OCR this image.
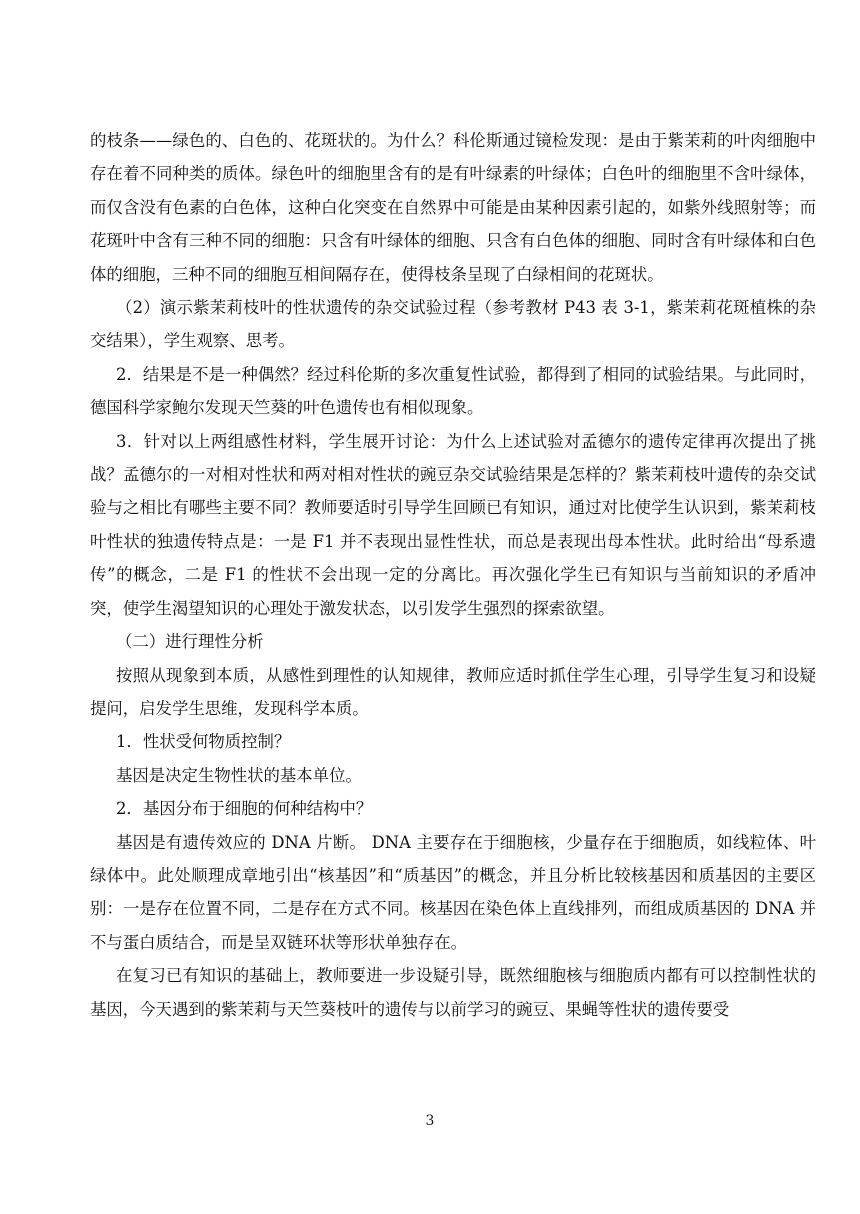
的枝条——绿色的、白色的、花斑状的。为什么？科伦斯通过镜检发现：是由于紫茉莉的叶肉细胞中存在着不同种类的质体。绿色叶的细胞里含有的是有叶绿素的叶绿体；白色叶的细胞里不含叶绿体，而仅含没有色素的白色体，这种白化突变在自然界中可能是由某种因素引起的，如紫外线照射等；而花斑叶中含有三种不同的细胞：只含有叶绿体的细胞、只含有白色体的细胞、同时含有叶绿体和白色体的细胞，三种不同的细胞互相间隔存在，使得枝条呈现了白绿相间的花斑状。

（2）演示紫茉莉枝叶的性状遗传的杂交试验过程（参考教材 P43 表 3-1，紫茉莉花斑植株的杂交结果），学生观察、思考。

2．结果是不是一种偶然？经过科伦斯的多次重复性试验，都得到了相同的试验结果。与此同时，德国科学家鲍尔发现天竺葵的叶色遗传也有相似现象。

3．针对以上两组感性材料，学生展开讨论：为什么上述试验对孟德尔的遗传定律再次提出了挑战？孟德尔的一对相对性状和两对相对性状的豌豆杂交试验结果是怎样的？紫茉莉枝叶遗传的杂交试验与之相比有哪些主要不同？教师要适时引导学生回顾已有知识，通过对比使学生认识到，紫茉莉枝叶性状的独遗传特点是：一是 F1 并不表现出显性性状，而总是表现出母本性状。此时给出“母系遗传”的概念，二是 F1 的性状不会出现一定的分离比。再次强化学生已有知识与当前知识的矛盾冲突，使学生渴望知识的心理处于激发状态，以引发学生强烈的探索欲望。

（二）进行理性分析

按照从现象到本质，从感性到理性的认知规律，教师应适时抓住学生心理，引导学生复习和设疑提问，启发学生思维，发现科学本质。

1．性状受何物质控制？

基因是决定生物性状的基本单位。

2．基因分布于细胞的何种结构中？

基因是有遗传效应的 DNA 片断。 DNA 主要存在于细胞核，少量存在于细胞质，如线粒体、叶绿体中。此处顺理成章地引出“核基因”和“质基因”的概念，并且分析比较核基因和质基因的主要区别：一是存在位置不同，二是存在方式不同。核基因在染色体上直线排列，而组成质基因的 DNA 并不与蛋白质结合，而是呈双链环状等形状单独存在。

在复习已有知识的基础上，教师要进一步设疑引导，既然细胞核与细胞质内都有可以控制性状的基因，今天遇到的紫茉莉与天竺葵枝叶的遗传与以前学习的豌豆、果蝇等性状的遗传要受

3
